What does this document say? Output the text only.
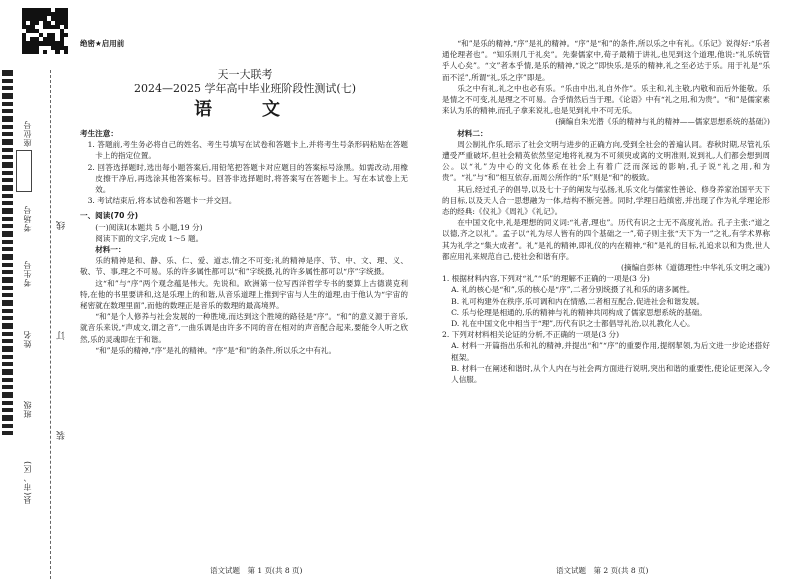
座位号
考场号
考生号
姓名
班级
县(市、区)
线
订
装
绝密★启用前
天一大联考
2024—2025 学年高中毕业班阶段性测试(七)
语　文

考生注意：

1. 答题前,考生务必将自己的姓名、考生号填写在试卷和答题卡上,并将考生号条形码粘贴在答题卡上的指定位置。

2. 回答选择题时,选出每小题答案后,用铅笔把答题卡对应题目的答案标号涂黑。如需改动,用橡皮擦干净后,再选涂其他答案标号。回答非选择题时,将答案写在答题卡上。写在本试卷上无效。

3. 考试结束后,将本试卷和答题卡一并交回。

一、阅读(70 分)

(一)阅读Ⅰ(本题共 5 小题,19 分)

阅读下面的文字,完成 1～5 题。

材料一：

乐的精神是和、静、乐、仁、爱、道志,情之不可变;礼的精神是序、节、中、文、理、义、敬、节、事,理之不可易。乐的许多属性都可以“和”字统摄,礼的许多属性都可以“序”字统摄。

这“和”与“序”两个观念蕴是伟大。先说和。欧洲第一位写西洋哲学专书的要算上古德谟克利特,在他的书里要讲和,这是乐理上的和谐,从音乐道理上推到宇宙与人生的道理,由于他认为“宇宙的秘密就在数理里面”,而他的数理正是音乐的数理的最高境界。

“和”是个人修养与社会发展的一种胜境,而达到这个胜境的路径是“序”。“和”的意义源于音乐,就音乐来说,“声成文,谓之音”,一曲乐调是由许多不同的音在相对的声音配合起来,要能令人听之欣然,乐的灵魂即在于和谐。

“和”是乐的精神,“序”是礼的精神。“序”是“和”的条件,所以乐之中有礼。

语文试题　第 1 页(共 8 页)

“和”是乐的精神,“序”是礼的精神。“序”是“和”的条件,所以乐之中有礼。《乐记》说得好:“乐者通伦理者也”。“知乐则几于礼矣”。先秦儒家中,荀子最精于讲礼,也见到这个道理,他说:“礼乐统管乎人心矣”。“文”者本乎情,是乐的精神,“说之”即快乐,是乐的精神,礼之至必达于乐。用于礼是“乐而不淫”,所谓“礼,乐之序”即是。

乐之中有礼,礼之中也必有乐。“乐由中出,礼自外作”。乐主和,礼主敬,内敬和而后外能敬。乐是情之不可变,礼是理之不可易。合乎情然后当于理。《论语》中有“礼之用,和为贵”。“和”是儒家素来认为乐的精神,而孔子拿来说礼,也是见到礼中不可无乐。

(摘编自朱光潜《乐的精神与礼的精神——儒家思想系统的基础》)

材料二：

周公制礼作乐,昭示了社会文明与进步的正确方向,受到全社会的普遍认同。春秋时期,尽管礼乐遭受严重破坏,但社会精英依然坚定地将礼视为不可须臾或离的文明准则,说到礼,人们都会想到周公。以“礼”为中心的文化体系在社会上有着广泛而深远的影响,孔子说“礼之用,和为贵”。“礼”与“和”相互依存,而周公所作的“乐”则是“和”的极致。

其后,经过孔子的倡导,以及七十子的阐发与弘扬,礼乐文化与儒家性善论、修身养家治国平天下的目标,以及天人合一思想融为一体,结构不断完善。同时,学理日趋缜密,并出现了作为礼学理论形态的经典:《仪礼》《周礼》《礼记》。

在中国文化中,礼是理想的同义词:“礼者,理也”。历代有识之士无不高度礼治。孔子主张:“道之以德,齐之以礼”。孟子以“礼为尽人皆有的四个基础之一”,荀子则主张“天下为一”之礼,有学术界称其为礼学之“集大成者”。礼”是礼的精神,即礼仪的内在精神,“和”是礼的目标,礼追求以和为贵,世人都应用礼来规范自己,使社会和谐有序。

(摘编自彭林《道德理性:中华礼乐文明之魂》)

1. 根据材料内容,下列对“礼”“乐”的理解不正确的一项是(3 分)

A. 礼的核心是“和”,乐的核心是“序”,二者分别统摄了礼和乐的诸多属性。

B. 礼可构建外在秩序,乐可调和内在情感,二者相互配合,促进社会和谐发展。

C. 乐与伦理是相通的,乐的精神与礼的精神共同构成了儒家思想系统的基础。

D. 礼在中国文化中相当于“理”,历代有识之士都倡导礼治,以礼教化人心。

2. 下列对材料相关论证的分析,不正确的一项是(3 分)

A. 材料一开篇指出乐和礼的精神,并提出“和”“序”的重要作用,提纲挈领,为后文进一步论述搭好框架。

B. 材料一在阐述和谐时,从个人内在与社会两方面进行说明,突出和谐的重要性,使论证更深入,令人信服。

语文试题　第 2 页(共 8 页)
